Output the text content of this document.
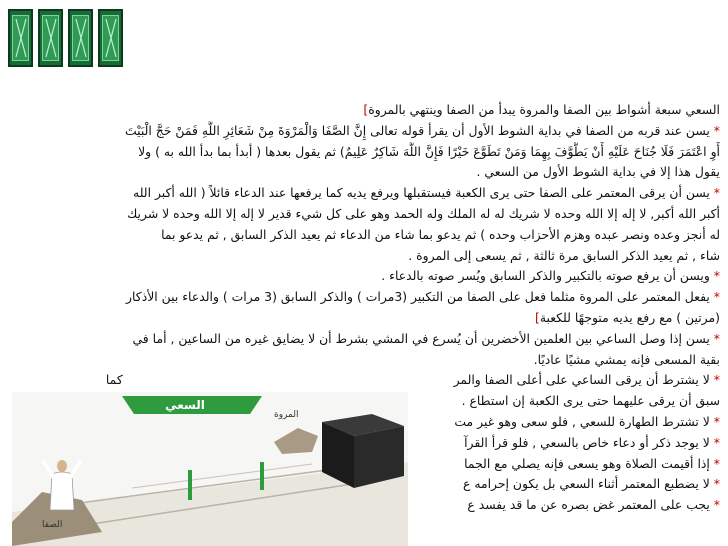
السعي سبعة أشواط بين الصفا والمروة يبدأ من الصفا وينتهي بالمروة]
* يسن عند قربه من الصفا في بداية الشوط الأول أن يقرأ قوله تعالى إِنَّ الصَّفَا وَالْمَرْوَةَ مِنْ شَعَائِرِ اللَّهِ فَمَنْ حَجَّ الْبَيْتَ
أَوِ اعْتَمَرَ فَلَا جُنَاحَ عَلَيْهِ أَنْ يَطَّوَّفَ بِهِمَا وَمَنْ تَطَوَّعَ خَيْرًا فَإِنَّ اللَّهَ شَاكِرٌ عَلِيمٌ) ثم يقول بعدها ( أبدأ بما بدأ الله به ) ولا
يقول هذا إلا في بداية الشوط الأول من السعي .
* يسن أن يرقى المعتمر على الصفا حتى يرى الكعبة فيستقبلها ويرفع يديه كما يرفعها عند الدعاء قائلاً ( الله أكبر الله
أكبر الله أكبر, لا إله إلا الله وحده لا شريك له له الملك وله الحمد وهو على كل شيء قدير لا إله إلا الله وحده لا شريك
له أنجز وعده ونصر عبده وهزم الأحزاب وحده ) ثم يدعو بما شاء من الدعاء ثم يعيد الذكر السابق , ثم يدعو بما
شاء , ثم يعيد الذكر السابق مرة ثالثة , ثم يسعى إلى المروة .
* ويسن أن يرفع صوته بالتكبير والذكر السابق ويُسر صوته بالدعاء .
* يفعل المعتمر على المروة مثلما فعل على الصفا من التكبير (3مرات ) والذكر السابق (3 مرات ) والدعاء بين الأذكار
(مرتين ) مع رفع يديه متوجهًا للكعبة]
* يسن إذا وصل الساعي بين العلمين الأخضرين أن يُسرع في المشي بشرط أن لا يضايق غيره من الساعين , أما في
بقية المسعى فإنه يمشي مشيًا عاديًا.
* لا يشترط أن يرقى الساعي على أعلى الصفا والمر                                                                                    كما
سبق أن يرقى عليهما حتى يرى الكعبة إن استطاع .
* لا تشترط الطهارة للسعي , فلو سعى وهو غير مت
* لا يوجد ذكر أو دعاء خاص بالسعي , فلو قرأ القرآ
* إذا أقيمت الصلاة وهو يسعى فإنه يصلي مع الجما
* لا يضطبع المعتمر أثناء السعي بل يكون إحرامه ع
* يجب على المعتمر غض بصره عن ما قد يفسد ع
السعي
المروة
الصفا
